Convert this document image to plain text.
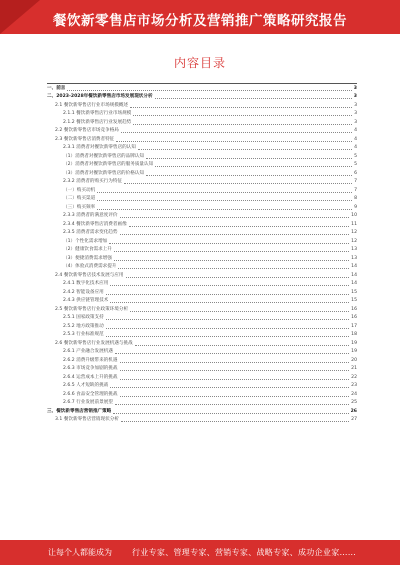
餐饮新零售店市场分析及营销推广策略研究报告
内容目录
一、前言	3
二、2023-2028年餐饮新零售店市场发展现状分析	3
2.1 餐饮新零售店行业市场规模概述	3
2.1.1 餐饮新零售店行业市场规模	3
2.1.2 餐饮新零售店行业发展趋势	3
2.2 餐饮新零售店市场竞争格局	4
2.3 餐饮新零售店消费者特征	4
2.3.1 消费者对餐饮新零售店的认知	4
（1）消费者对餐饮新零售店的品牌认知	5
（2）消费者对餐饮新零售店的服务质量认知	5
（3）消费者对餐饮新零售店的价格认知	6
2.3.2 消费者的购买行为特征	7
（一）购买动机	7
（二）购买渠道	8
（三）购买频率	9
2.3.3 消费者的满意度评价	10
2.3.4 餐饮新零售店消费者画像	11
2.3.5 消费者需求变化趋势	12
（1）个性化需求增加	12
（2）健康饮食需求上升	13
（3）便捷消费需求增强	13
（4）体验式消费需求提升	14
2.4 餐饮新零售店技术发展与应用	14
2.4.1 数字化技术应用	14
2.4.2 智能设备应用	15
2.4.3 供应链管理技术	15
2.5 餐饮新零售店行业政策环境分析	16
2.5.1 国家政策支持	16
2.5.2 地方政策推动	17
2.5.3 行业标准规范	18
2.6 餐饮新零售店行业发展机遇与挑战	19
2.6.1 产业融合发展机遇	19
2.6.2 消费升级带来的机遇	20
2.6.3 市场竞争加剧的挑战	21
2.6.4 运营成本上升的挑战	22
2.6.5 人才短缺的挑战	23
2.6.6 食品安全管理的挑战	24
2.6.7 行业发展前景展望	25
三、餐饮新零售店营销推广策略	26
3.1 餐饮新零售店营销现状分析	27
让每个人都能成为	行业专家、管理专家、营销专家、战略专家、成功企业家……
